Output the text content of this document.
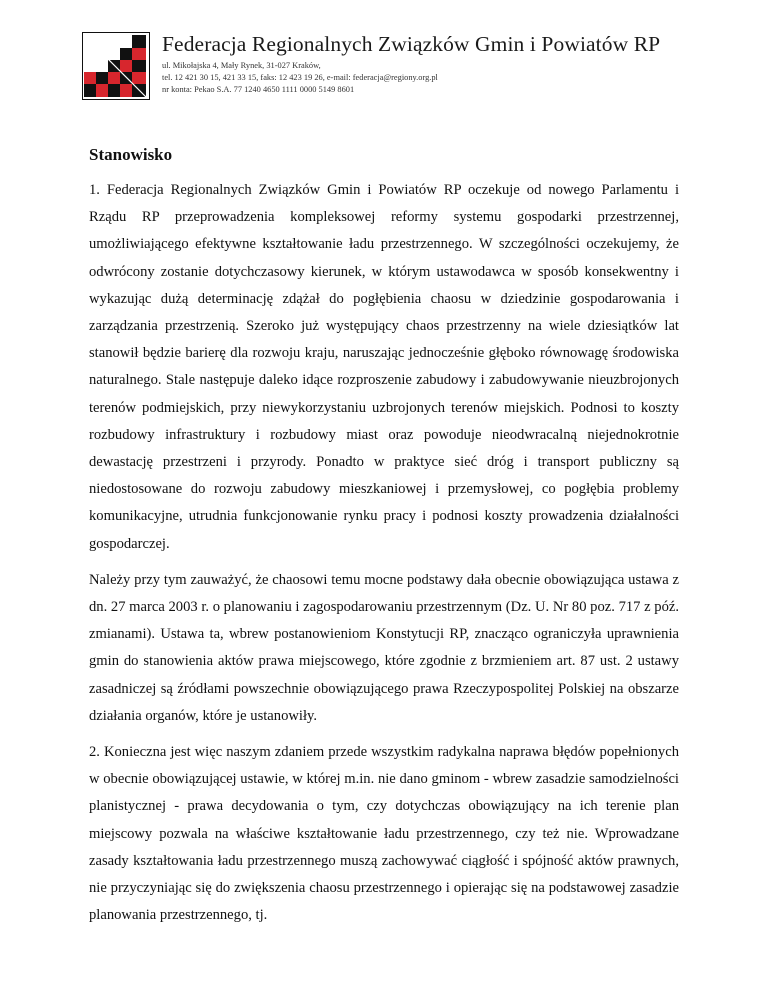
Federacja Regionalnych Związków Gmin i Powiatów RP
ul. Mikołajska 4, Mały Rynek, 31-027 Kraków,
tel. 12 421 30 15, 421 33 15, faks: 12 423 19 26, e-mail: federacja@regiony.org.pl
nr konta: Pekao S.A. 77 1240 4650 1111 0000 5149 8601
Stanowisko

1. Federacja Regionalnych Związków Gmin i Powiatów RP oczekuje od nowego Parlamentu i Rządu RP przeprowadzenia kompleksowej reformy systemu gospodarki przestrzennej, umożliwiającego efektywne kształtowanie ładu przestrzennego. W szczególności oczekujemy, że odwrócony zostanie dotychczasowy kierunek, w którym ustawodawca w sposób konsekwentny i wykazując dużą determinację zdążał do pogłębienia chaosu w dziedzinie gospodarowania i zarządzania przestrzenią. Szeroko już występujący chaos przestrzenny na wiele dziesiątków lat stanowił będzie barierę dla rozwoju kraju, naruszając jednocześnie głęboko równowagę środowiska naturalnego. Stale następuje daleko idące rozproszenie zabudowy i zabudowywanie nieuzbrojonych terenów podmiejskich, przy niewykorzystaniu uzbrojonych terenów miejskich. Podnosi to koszty rozbudowy infrastruktury i rozbudowy miast oraz powoduje nieodwracalną niejednokrotnie dewastację przestrzeni i przyrody. Ponadto w praktyce sieć dróg i transport publiczny są niedostosowane do rozwoju zabudowy mieszkaniowej i przemysłowej, co pogłębia problemy komunikacyjne, utrudnia funkcjonowanie rynku pracy i podnosi koszty prowadzenia działalności gospodarczej.

Należy przy tym zauważyć, że chaosowi temu mocne podstawy dała obecnie obowiązująca ustawa z dn. 27 marca 2003 r. o planowaniu i zagospodarowaniu przestrzennym (Dz. U. Nr 80 poz. 717 z póź. zmianami). Ustawa ta, wbrew postanowieniom Konstytucji RP, znacząco ograniczyła uprawnienia gmin do stanowienia aktów prawa miejscowego, które zgodnie z brzmieniem art. 87 ust. 2 ustawy zasadniczej są źródłami powszechnie obowiązującego prawa Rzeczypospolitej Polskiej na obszarze działania organów, które je ustanowiły.

2. Konieczna jest więc naszym zdaniem przede wszystkim radykalna naprawa błędów popełnionych w obecnie obowiązującej ustawie, w której m.in. nie dano gminom - wbrew zasadzie samodzielności planistycznej - prawa decydowania o tym, czy dotychczas obowiązujący na ich terenie plan miejscowy pozwala na właściwe kształtowanie ładu przestrzennego, czy też nie. Wprowadzane zasady kształtowania ładu przestrzennego muszą zachowywać ciągłość i spójność aktów prawnych, nie przyczyniając się do zwiększenia chaosu przestrzennego i opierając się na podstawowej zasadzie planowania przestrzennego, tj.
